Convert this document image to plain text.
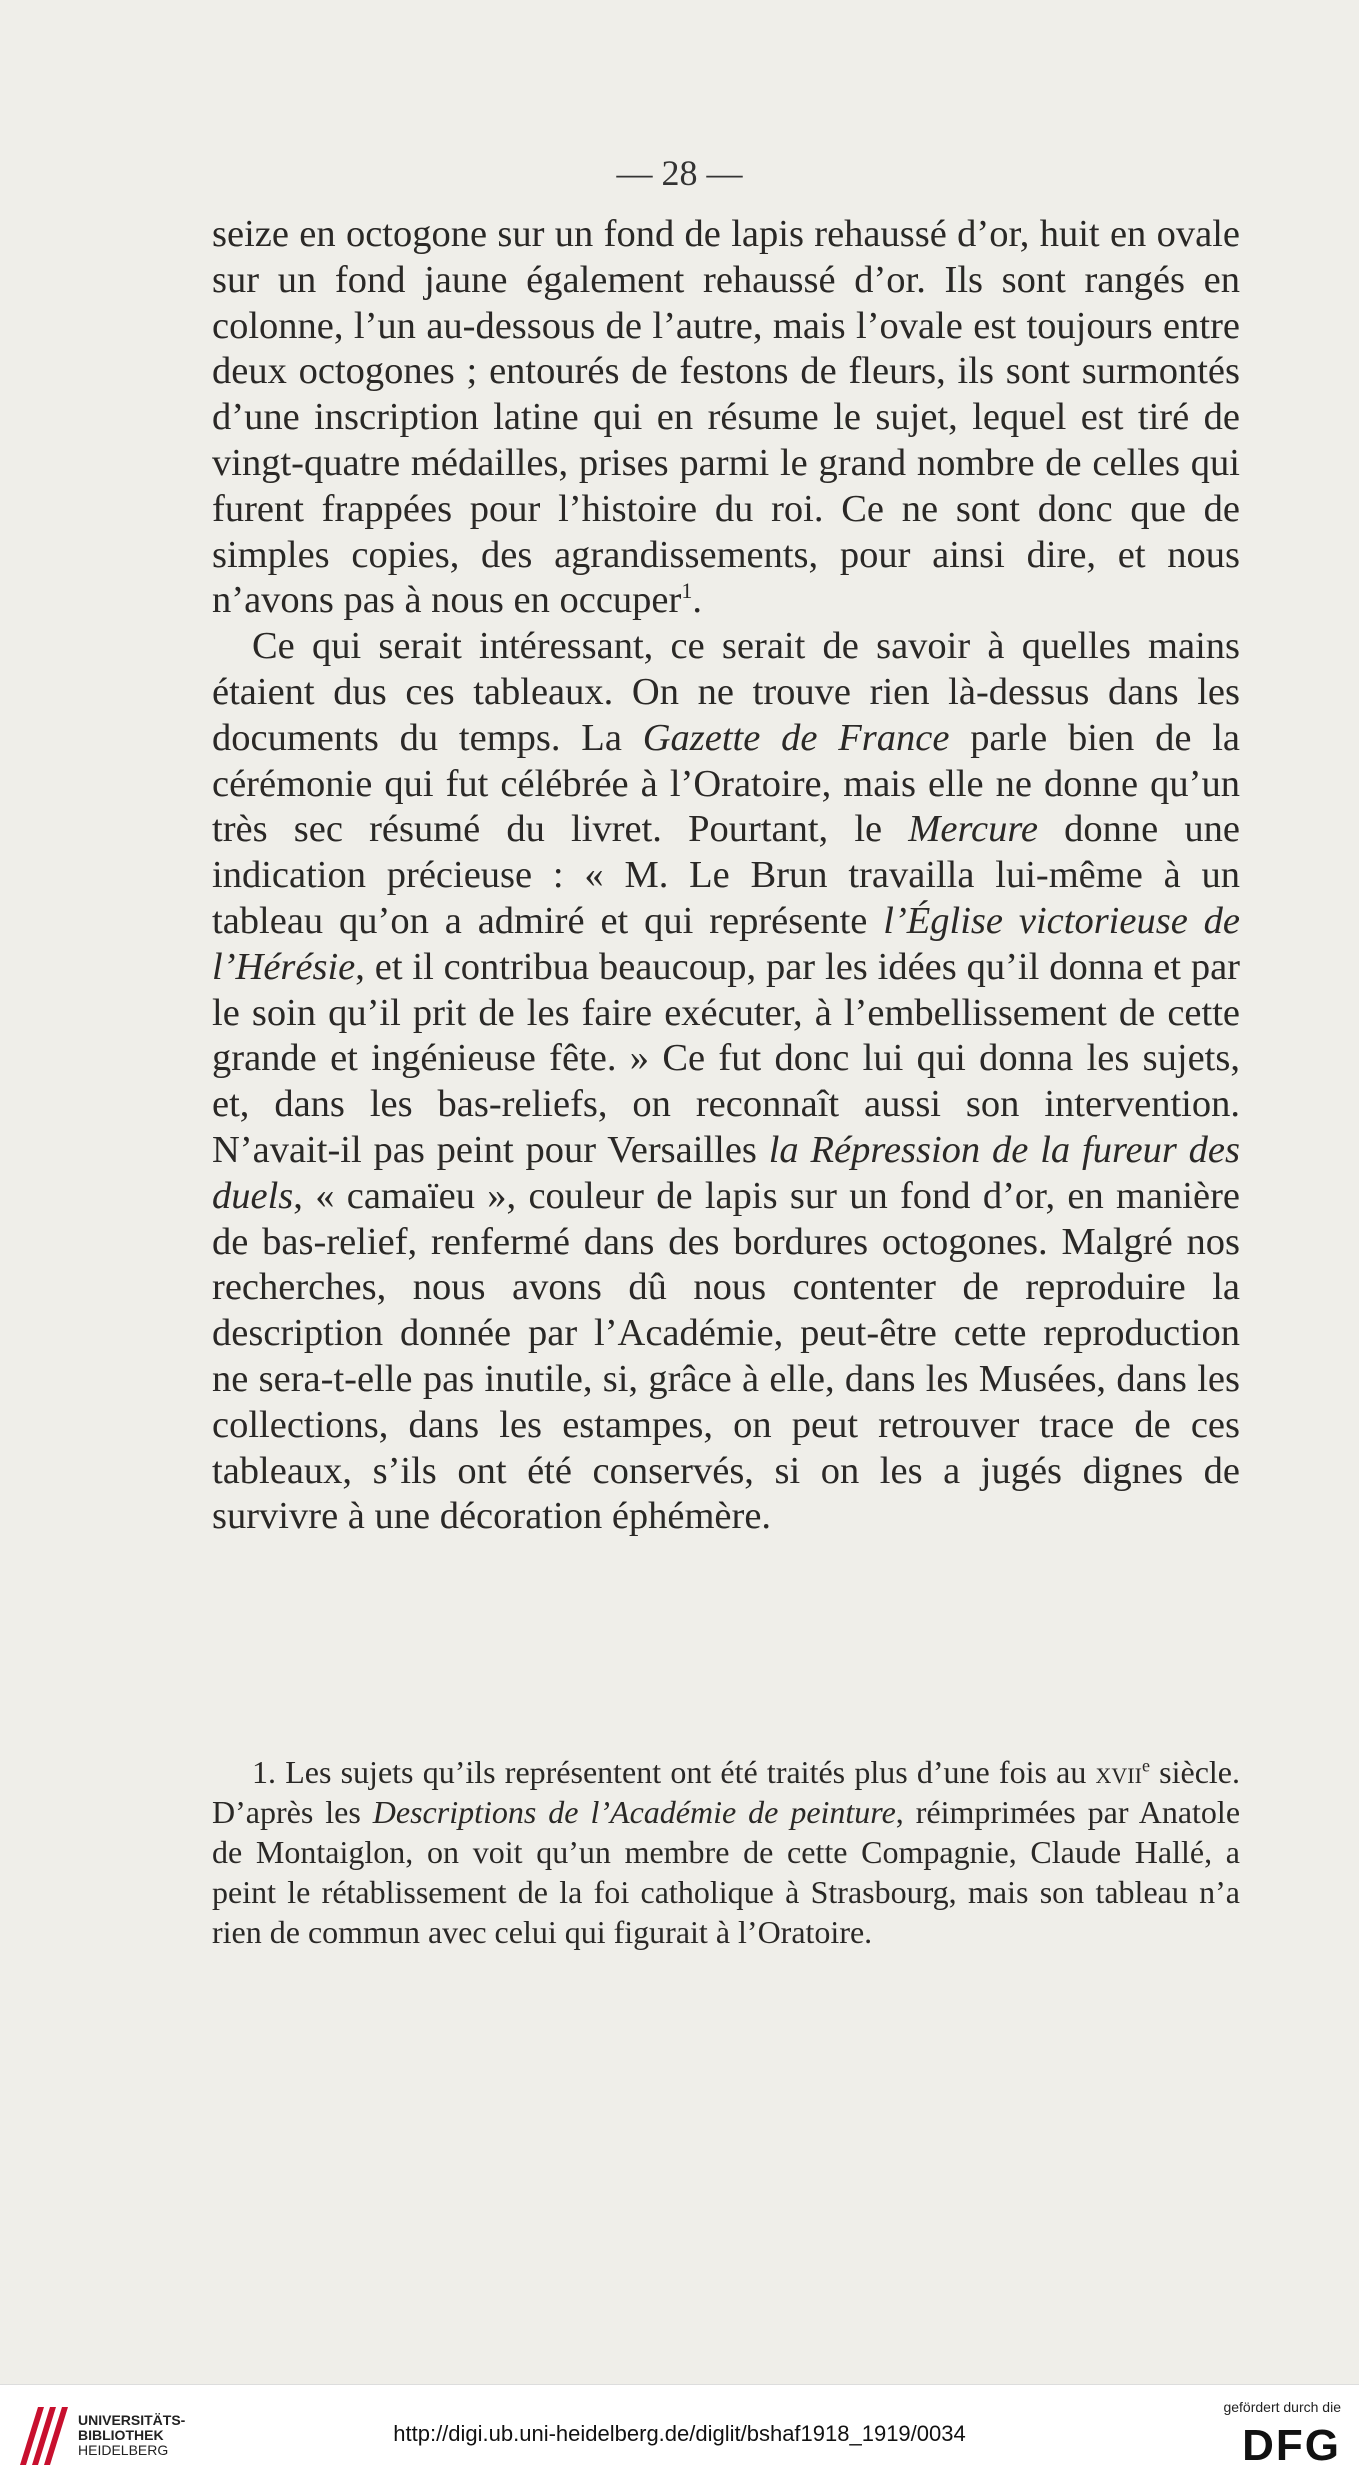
— 28 —

seize en octogone sur un fond de lapis rehaussé d’or, huit en ovale sur un fond jaune également rehaussé d’or. Ils sont rangés en colonne, l’un au-dessous de l’autre, mais l’ovale est toujours entre deux octogones ; entourés de festons de fleurs, ils sont surmontés d’une inscription latine qui en résume le sujet, lequel est tiré de vingt-quatre médailles, prises parmi le grand nombre de celles qui furent frappées pour l’histoire du roi. Ce ne sont donc que de simples copies, des agrandissements, pour ainsi dire, et nous n’avons pas à nous en occuper$^1$.

Ce qui serait intéressant, ce serait de savoir à quelles mains étaient dus ces tableaux. On ne trouve rien là-dessus dans les documents du temps. La Gazette de France parle bien de la cérémonie qui fut célébrée à l’Oratoire, mais elle ne donne qu’un très sec résumé du livret. Pourtant, le Mercure donne une indication précieuse : « M. Le Brun travailla lui-même à un tableau qu’on a admiré et qui représente l’Église victorieuse de l’Hérésie, et il contribua beaucoup, par les idées qu’il donna et par le soin qu’il prit de les faire exécuter, à l’embellissement de cette grande et ingénieuse fête. » Ce fut donc lui qui donna les sujets, et, dans les bas-reliefs, on reconnaît aussi son intervention. N’avait-il pas peint pour Versailles la Répression de la fureur des duels, « camaïeu », couleur de lapis sur un fond d’or, en manière de bas-relief, renfermé dans des bordures octogones. Malgré nos recherches, nous avons dû nous contenter de reproduire la description donnée par l’Académie, peut-être cette reproduction ne sera-t-elle pas inutile, si, grâce à elle, dans les Musées, dans les collections, dans les estampes, on peut retrouver trace de ces tableaux, s’ils ont été conservés, si on les a jugés dignes de survivre à une décoration éphémère.

1. Les sujets qu’ils représentent ont été traités plus d’une fois au xvii$^e$ siècle. D’après les Descriptions de l’Académie de peinture, réimprimées par Anatole de Montaiglon, on voit qu’un membre de cette Compagnie, Claude Hallé, a peint le rétablissement de la foi catholique à Strasbourg, mais son tableau n’a rien de commun avec celui qui figurait à l’Oratoire.

UNIVERSITÄTS-
BIBLIOTHEK
HEIDELBERG
http://digi.ub.uni-heidelberg.de/diglit/bshaf1918_1919/0034
gefördert durch die
DFG
